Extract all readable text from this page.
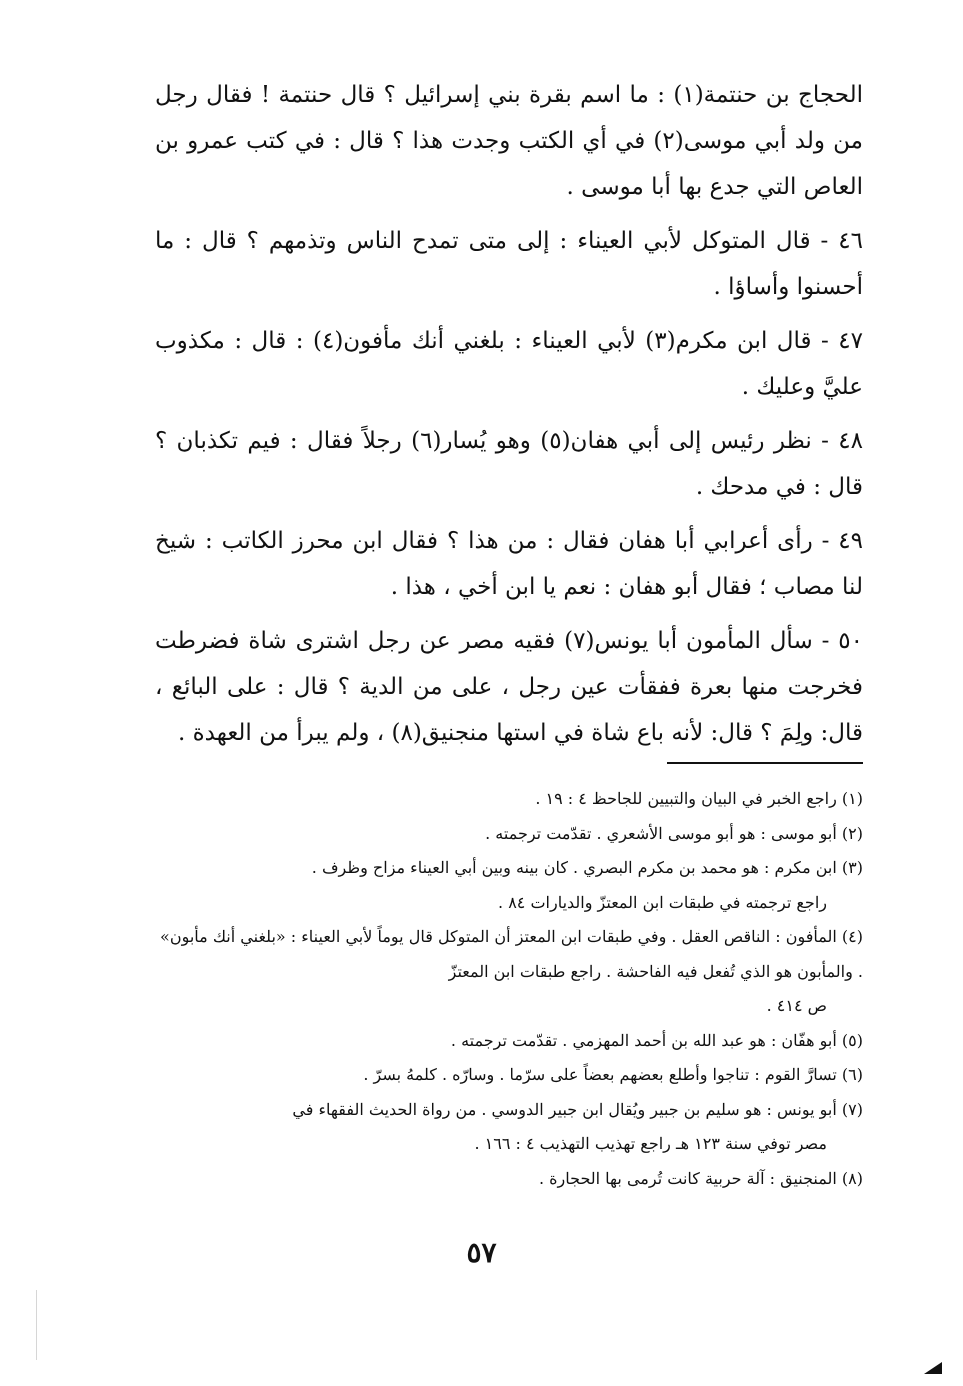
الحجاج بن حنتمة(١) : ما اسم بقرة بني إسرائيل ؟ قال حنتمة ! فقال رجل من ولد أبي موسى(٢) في أي الكتب وجدت هذا ؟ قال : في كتب عمرو بن العاص التي جدع بها أبا موسى .

٤٦ - قال المتوكل لأبي العيناء : إلى متى تمدح الناس وتذمهم ؟ قال : ما أحسنوا وأساؤا .

٤٧ - قال ابن مكرم(٣) لأبي العيناء : بلغني أنك مأفون(٤) : قال : مكذوب عليَّ وعليك .

٤٨ - نظر رئيس إلى أبي هفان(٥) وهو يُسار(٦) رجلاً فقال : فيم تكذبان ؟ قال : في مدحك .

٤٩ - رأى أعرابي أبا هفان فقال : من هذا ؟ فقال ابن محرز الكاتب : شيخ لنا مصاب ؛ فقال أبو هفان : نعم يا ابن أخي ، هذا .

٥٠ - سأل المأمون أبا يونس(٧) فقيه مصر عن رجل اشترى شاة فضرطت فخرجت منها بعرة ففقأت عين رجل ، على من الدية ؟ قال : على البائع ، قال: ولِمَ ؟ قال: لأنه باع شاة في استها منجنيق(٨) ، ولم يبرأ من العهدة .

(١) راجع الخبر في البيان والتبيين للجاحظ ٤ : ١٩ .

(٢) أبو موسى : هو أبو موسى الأشعري . تقدّمت ترجمته .

(٣) ابن مكرم : هو محمد بن مكرم البصري . كان بينه وبين أبي العيناء مزاح وظرف .

راجع ترجمته في طبقات ابن المعتزّ والديارات ٨٤ .

(٤) المأفون : الناقص العقل . وفي طبقات ابن المعتز أن المتوكل قال يوماً لأبي العيناء : «بلغني أنك مأبون» . والمأبون هو الذي تُفعل فيه الفاحشة . راجع طبقات ابن المعتزّ

ص ٤١٤ .

(٥) أبو هفّان : هو عبد الله بن أحمد المهزمي . تقدّمت ترجمته .

(٦) تسارَّ القوم : تناجوا وأطلع بعضهم بعضاً على سرّما . وسارّه . كلمهُ بسرّ .

(٧) أبو يونس : هو سليم بن جبير ويُقال ابن جبير الدوسي . من رواة الحديث الفقهاء في

مصر توفي سنة ١٢٣ هـ راجع تهذيب التهذيب ٤ : ١٦٦ .

(٨) المنجنيق : آلة حربية كانت تُرمى بها الحجارة .

٥٧
